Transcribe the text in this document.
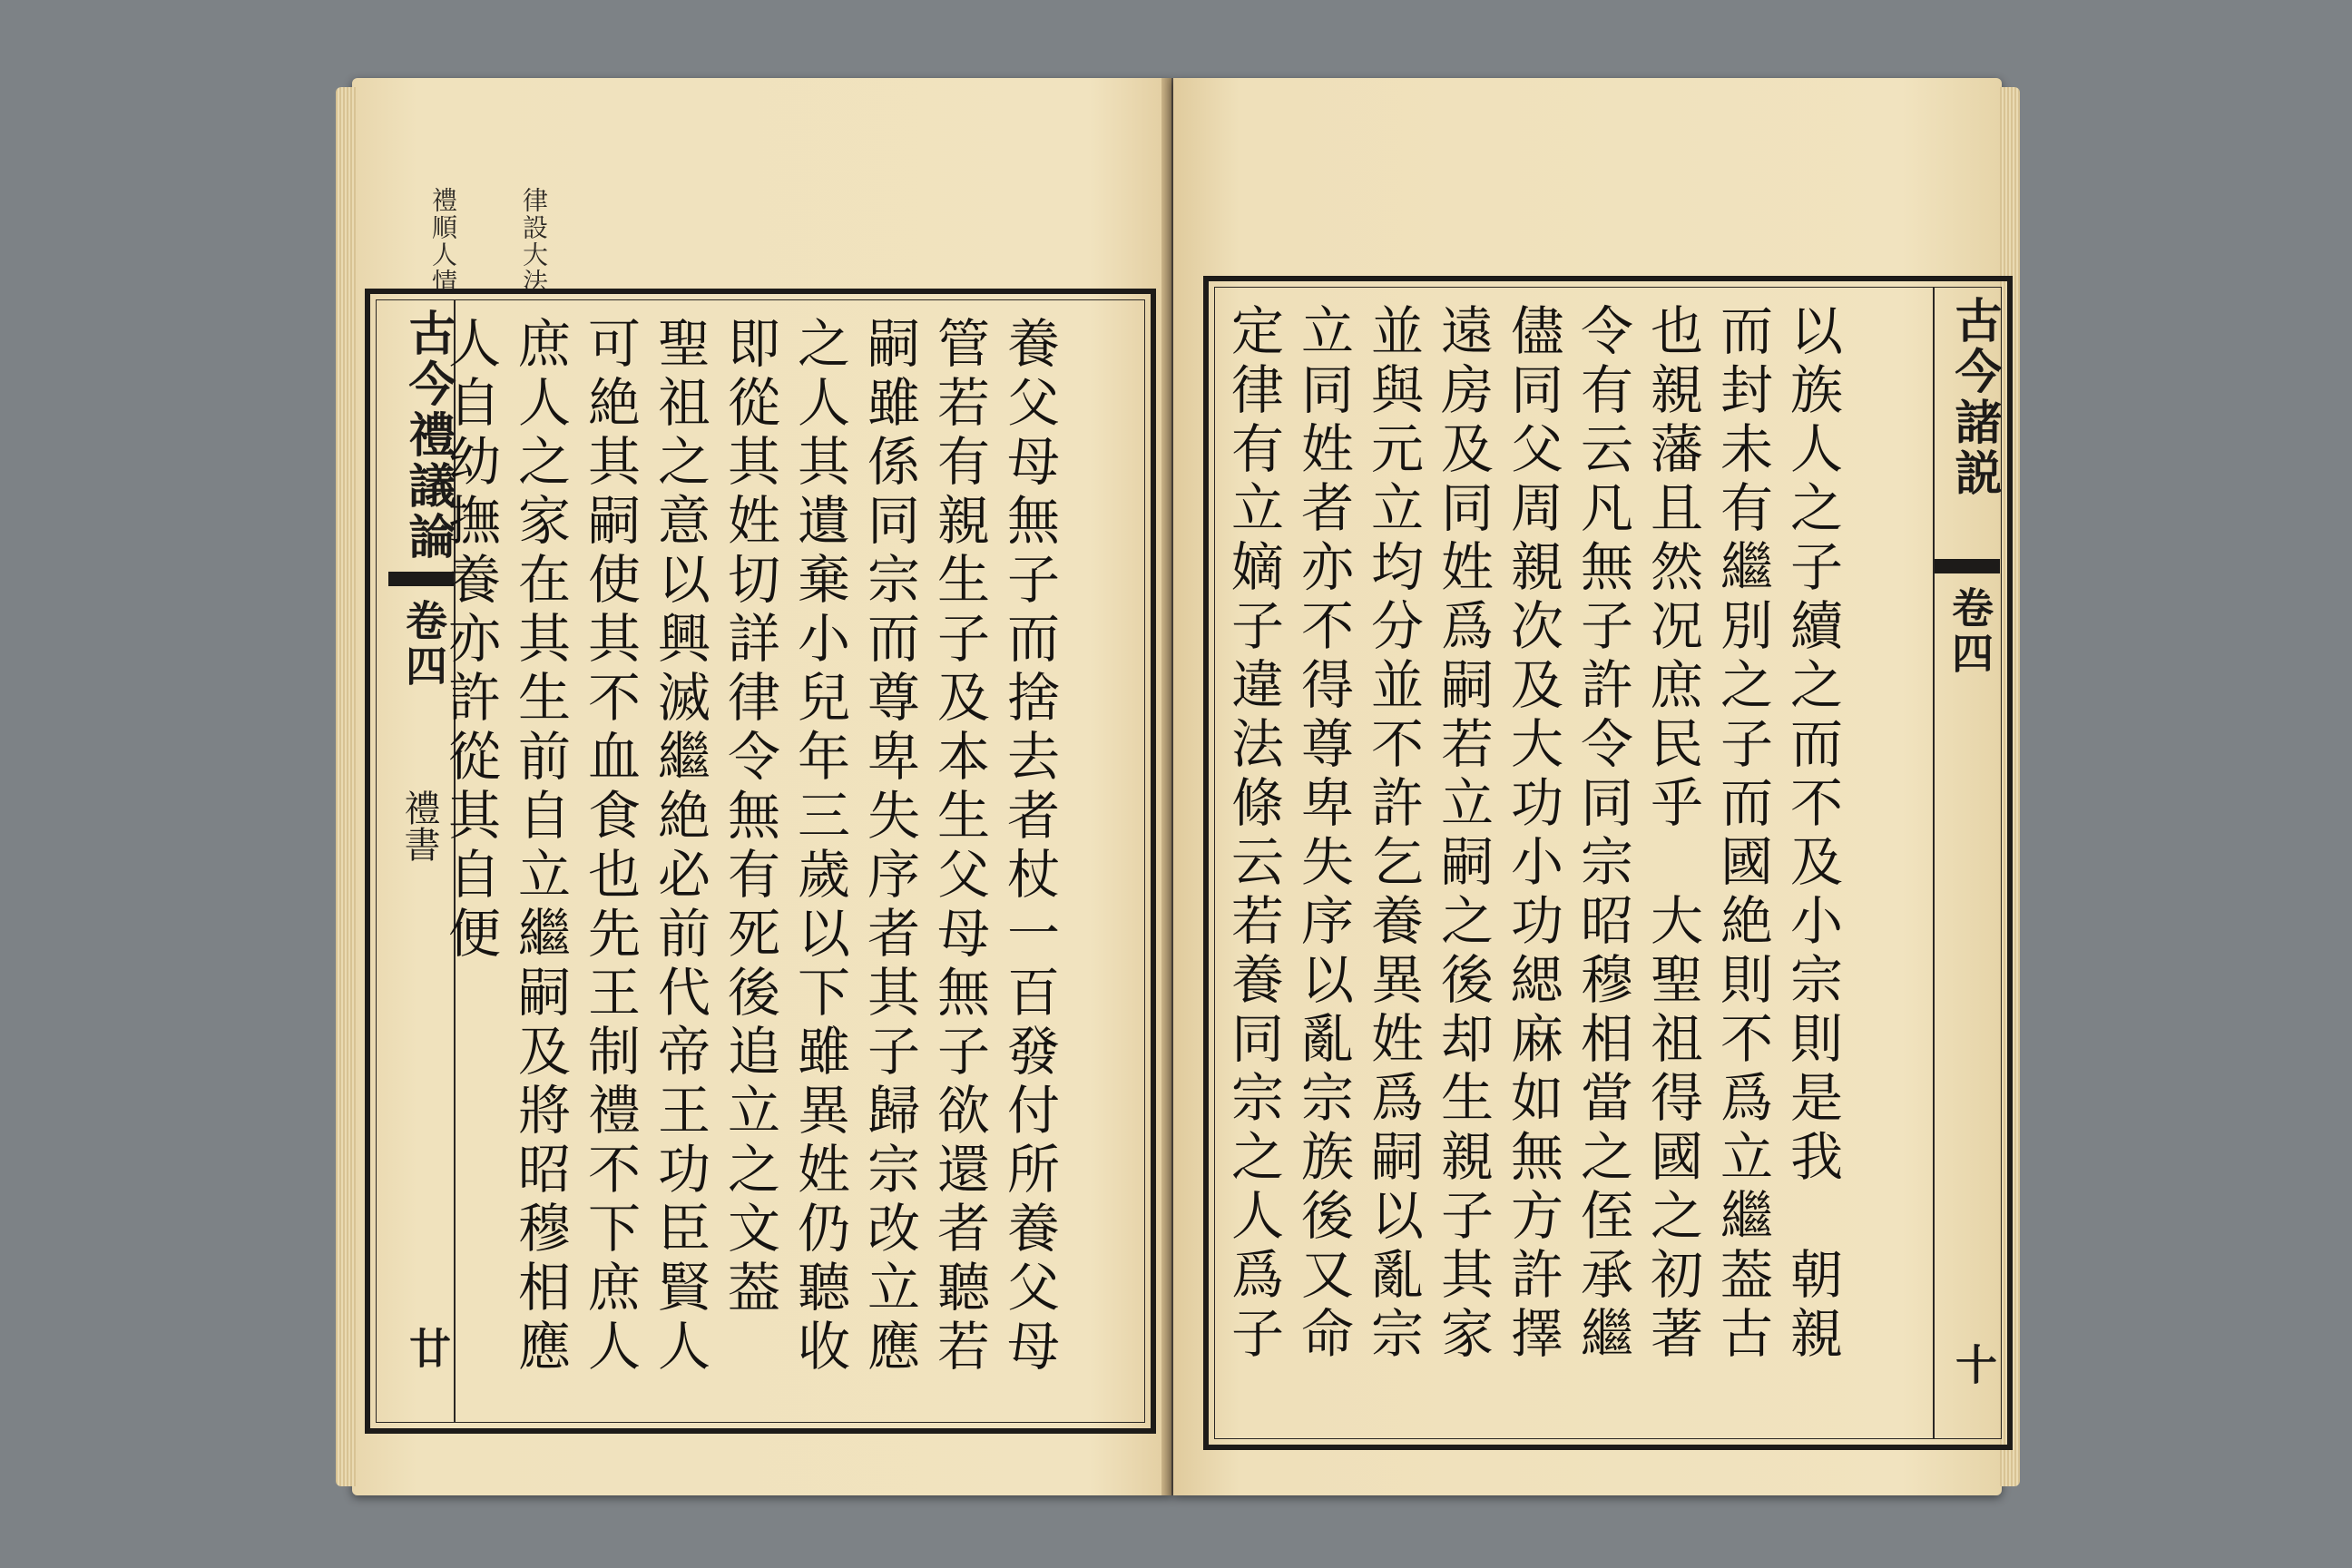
律設大法
禮順人情
古今禮議論
卷四
禮書
廿
養父母無子而捨去者杖一百發付所養父母
管若有親生子及本生父母無子欲還者聽若
嗣雖係同宗而尊卑失序者其子歸宗改立應
之人其遺棄小兒年三歲以下雖異姓仍聽收
即從其姓切詳律令無有死後追立之文葢
聖祖之意以興滅繼絶必前代帝王功臣賢人
可絶其嗣使其不血食也先王制禮不下庶人
庶人之家在其生前自立繼嗣及將昭穆相應
人自幼撫養亦許從其自便	古今諸説
卷四
十
以族人之子續之而不及小宗則是我　朝親
而封未有繼別之子而國絶則不爲立繼葢古
也親藩且然况庶民乎　大聖祖得國之初著
令有云凡無子許令同宗昭穆相當之侄承繼
儘同父周親次及大功小功緦麻如無方許擇
遠房及同姓爲嗣若立嗣之後却生親子其家
並與元立均分並不許乞養異姓爲嗣以亂宗
立同姓者亦不得尊卑失序以亂宗族後又命
定律有立嫡子違法條云若養同宗之人爲子
